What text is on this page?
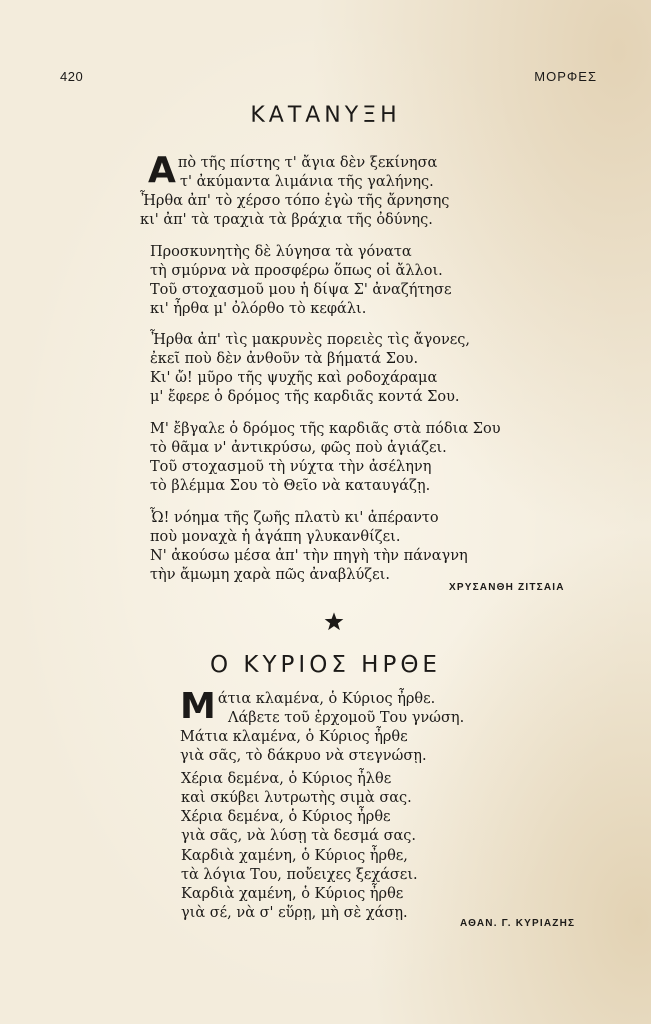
420	ΜΟΡΦΕΣ
ΚΑΤΑΝΥΞΗ
Α πὸ τῆς πίστης τ' ἄγια δὲν ξεκίνησα
τ' ἀκύμαντα λιμάνια τῆς γαλήνης.
Ἦρθα ἀπ' τὸ χέρσο τόπο ἐγὼ τῆς ἄρνησης
κι' ἀπ' τὰ τραχιὰ τὰ βράχια τῆς ὀδύνης.
Προσκυνητὴς δὲ λύγησα τὰ γόνατα
τὴ σμύρνα νὰ προσφέρω ὅπως οἱ ἄλλοι.
Τοῦ στοχασμοῦ μου ἡ δίψα Σ' ἀναζήτησε
κι' ἦρθα μ' ὀλόρθο τὸ κεφάλι.
Ἦρθα ἀπ' τὶς μακρυνὲς πορειὲς τὶς ἄγονες,
ἐκεῖ ποὺ δὲν ἀνθοῦν τὰ βήματά Σου.
Κι' ὤ! μῦρο τῆς ψυχῆς καὶ ροδοχάραμα
μ' ἔφερε ὁ δρόμος τῆς καρδιᾶς κοντά Σου.
Μ' ἔβγαλε ὁ δρόμος τῆς καρδιᾶς στὰ πόδια Σου
τὸ θᾶμα ν' ἀντικρύσω, φῶς ποὺ ἁγιάζει.
Τοῦ στοχασμοῦ τὴ νύχτα τὴν ἀσέληνη
τὸ βλέμμα Σου τὸ Θεῖο νὰ καταυγάζῃ.
Ὦ! νόημα τῆς ζωῆς πλατὺ κι' ἀπέραντο
ποὺ μοναχὰ ἡ ἀγάπη γλυκανθίζει.
Ν' ἀκούσω μέσα ἀπ' τὴν πηγὴ τὴν πάναγνη
τὴν ἄμωμη χαρὰ πῶς ἀναβλύζει.
ΧΡΥΣΑΝΘΗ ΖΙΤΣΑΙΑ
Ο ΚΥΡΙΟΣ ΗΡΘΕ
Μ άτια κλαμένα, ὁ Κύριος ἦρθε.
Λάβετε τοῦ ἐρχομοῦ Του γνώση.
Μάτια κλαμένα, ὁ Κύριος ἦρθε
γιὰ σᾶς, τὸ δάκρυο νὰ στεγνώσῃ.
Χέρια δεμένα, ὁ Κύριος ἦλθε
καὶ σκύβει λυτρωτὴς σιμὰ σας.
Χέρια δεμένα, ὁ Κύριος ἦρθε
γιὰ σᾶς, νὰ λύσῃ τὰ δεσμά σας.
Καρδιὰ χαμένη, ὁ Κύριος ἦρθε,
τὰ λόγια Του, ποὔειχες ξεχάσει.
Καρδιὰ χαμένη, ὁ Κύριος ἦρθε
γιὰ σέ, νὰ σ' εὕρῃ, μὴ σὲ χάσῃ.
ΑΘΑΝ. Γ. ΚΥΡΙΑΖΗΣ
